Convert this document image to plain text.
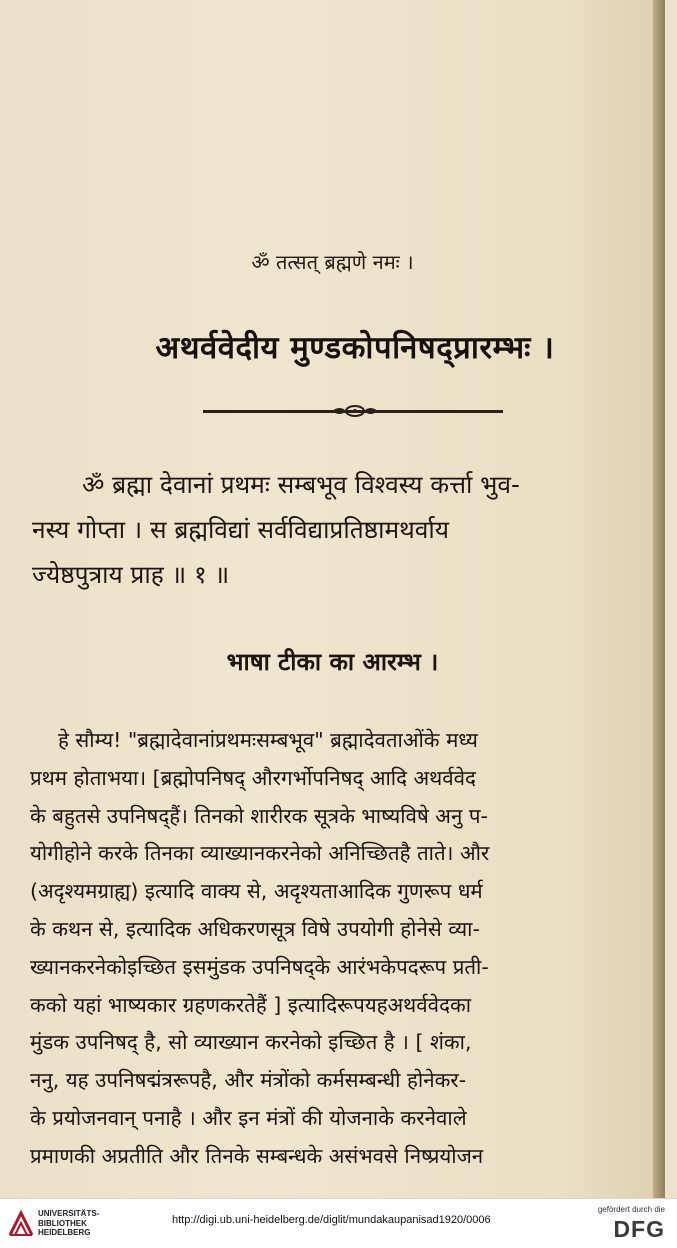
ॐ तत्सत् ब्रह्मणे नमः ।
अथर्ववेदीय मुण्डकोपनिषद्प्रारम्भः ।
ॐ ब्रह्मा देवानां प्रथमः सम्बभूव विश्वस्य कर्त्ता भुव-
नस्य गोप्ता । स ब्रह्मविद्यां सर्वविद्याप्रतिष्ठामथर्वाय
ज्येष्ठपुत्राय प्राह ॥ १ ॥
भाषा टीका का आरम्भ ।
हे सौम्य! "ब्रह्मादेवानांप्रथमःसम्बभूव" ब्रह्मादेवताओंके मध्य
प्रथम होताभया। [ब्रह्मोपनिषद् औरगर्भोपनिषद् आदि अथर्ववेद
के बहुतसे उपनिषद्हैं। तिनको शारीरक सूत्रके भाष्यविषे अनु प-
योगीहोने करके तिनका व्याख्यानकरनेको अनिच्छितहै ताते। और
(अदृश्यमग्राह्य) इत्यादि वाक्य से, अदृश्यताआदिक गुणरूप धर्म
के कथन से, इत्यादिक अधिकरणसूत्र विषे उपयोगी होनेसे व्या-
ख्यानकरनेकोइच्छित इसमुंडक उपनिषद्के आरंभकेपदरूप प्रती-
कको यहां भाष्यकार ग्रहणकरतेहैं ] इत्यादिरूपयहअथर्ववेदका
मुंडक उपनिषद् है, सो व्याख्यान करनेको इच्छित है । [ शंका,
ननु, यह उपनिषद्मंत्ररूपहै, और मंत्रोंको कर्मसम्बन्धी होनेकर-
के प्रयोजनवान् पनाहै । और इन मंत्रों की योजनाके करनेवाले
प्रमाणकी अप्रतीति और तिनके सम्बन्धके असंभवसे निष्प्रयोजन
UNIVERSITÄTS-
BIBLIOTHEK
HEIDELBERG
http://digi.ub.uni-heidelberg.de/diglit/mundakaupanisad1920/0006
gefördert durch die
DFG
